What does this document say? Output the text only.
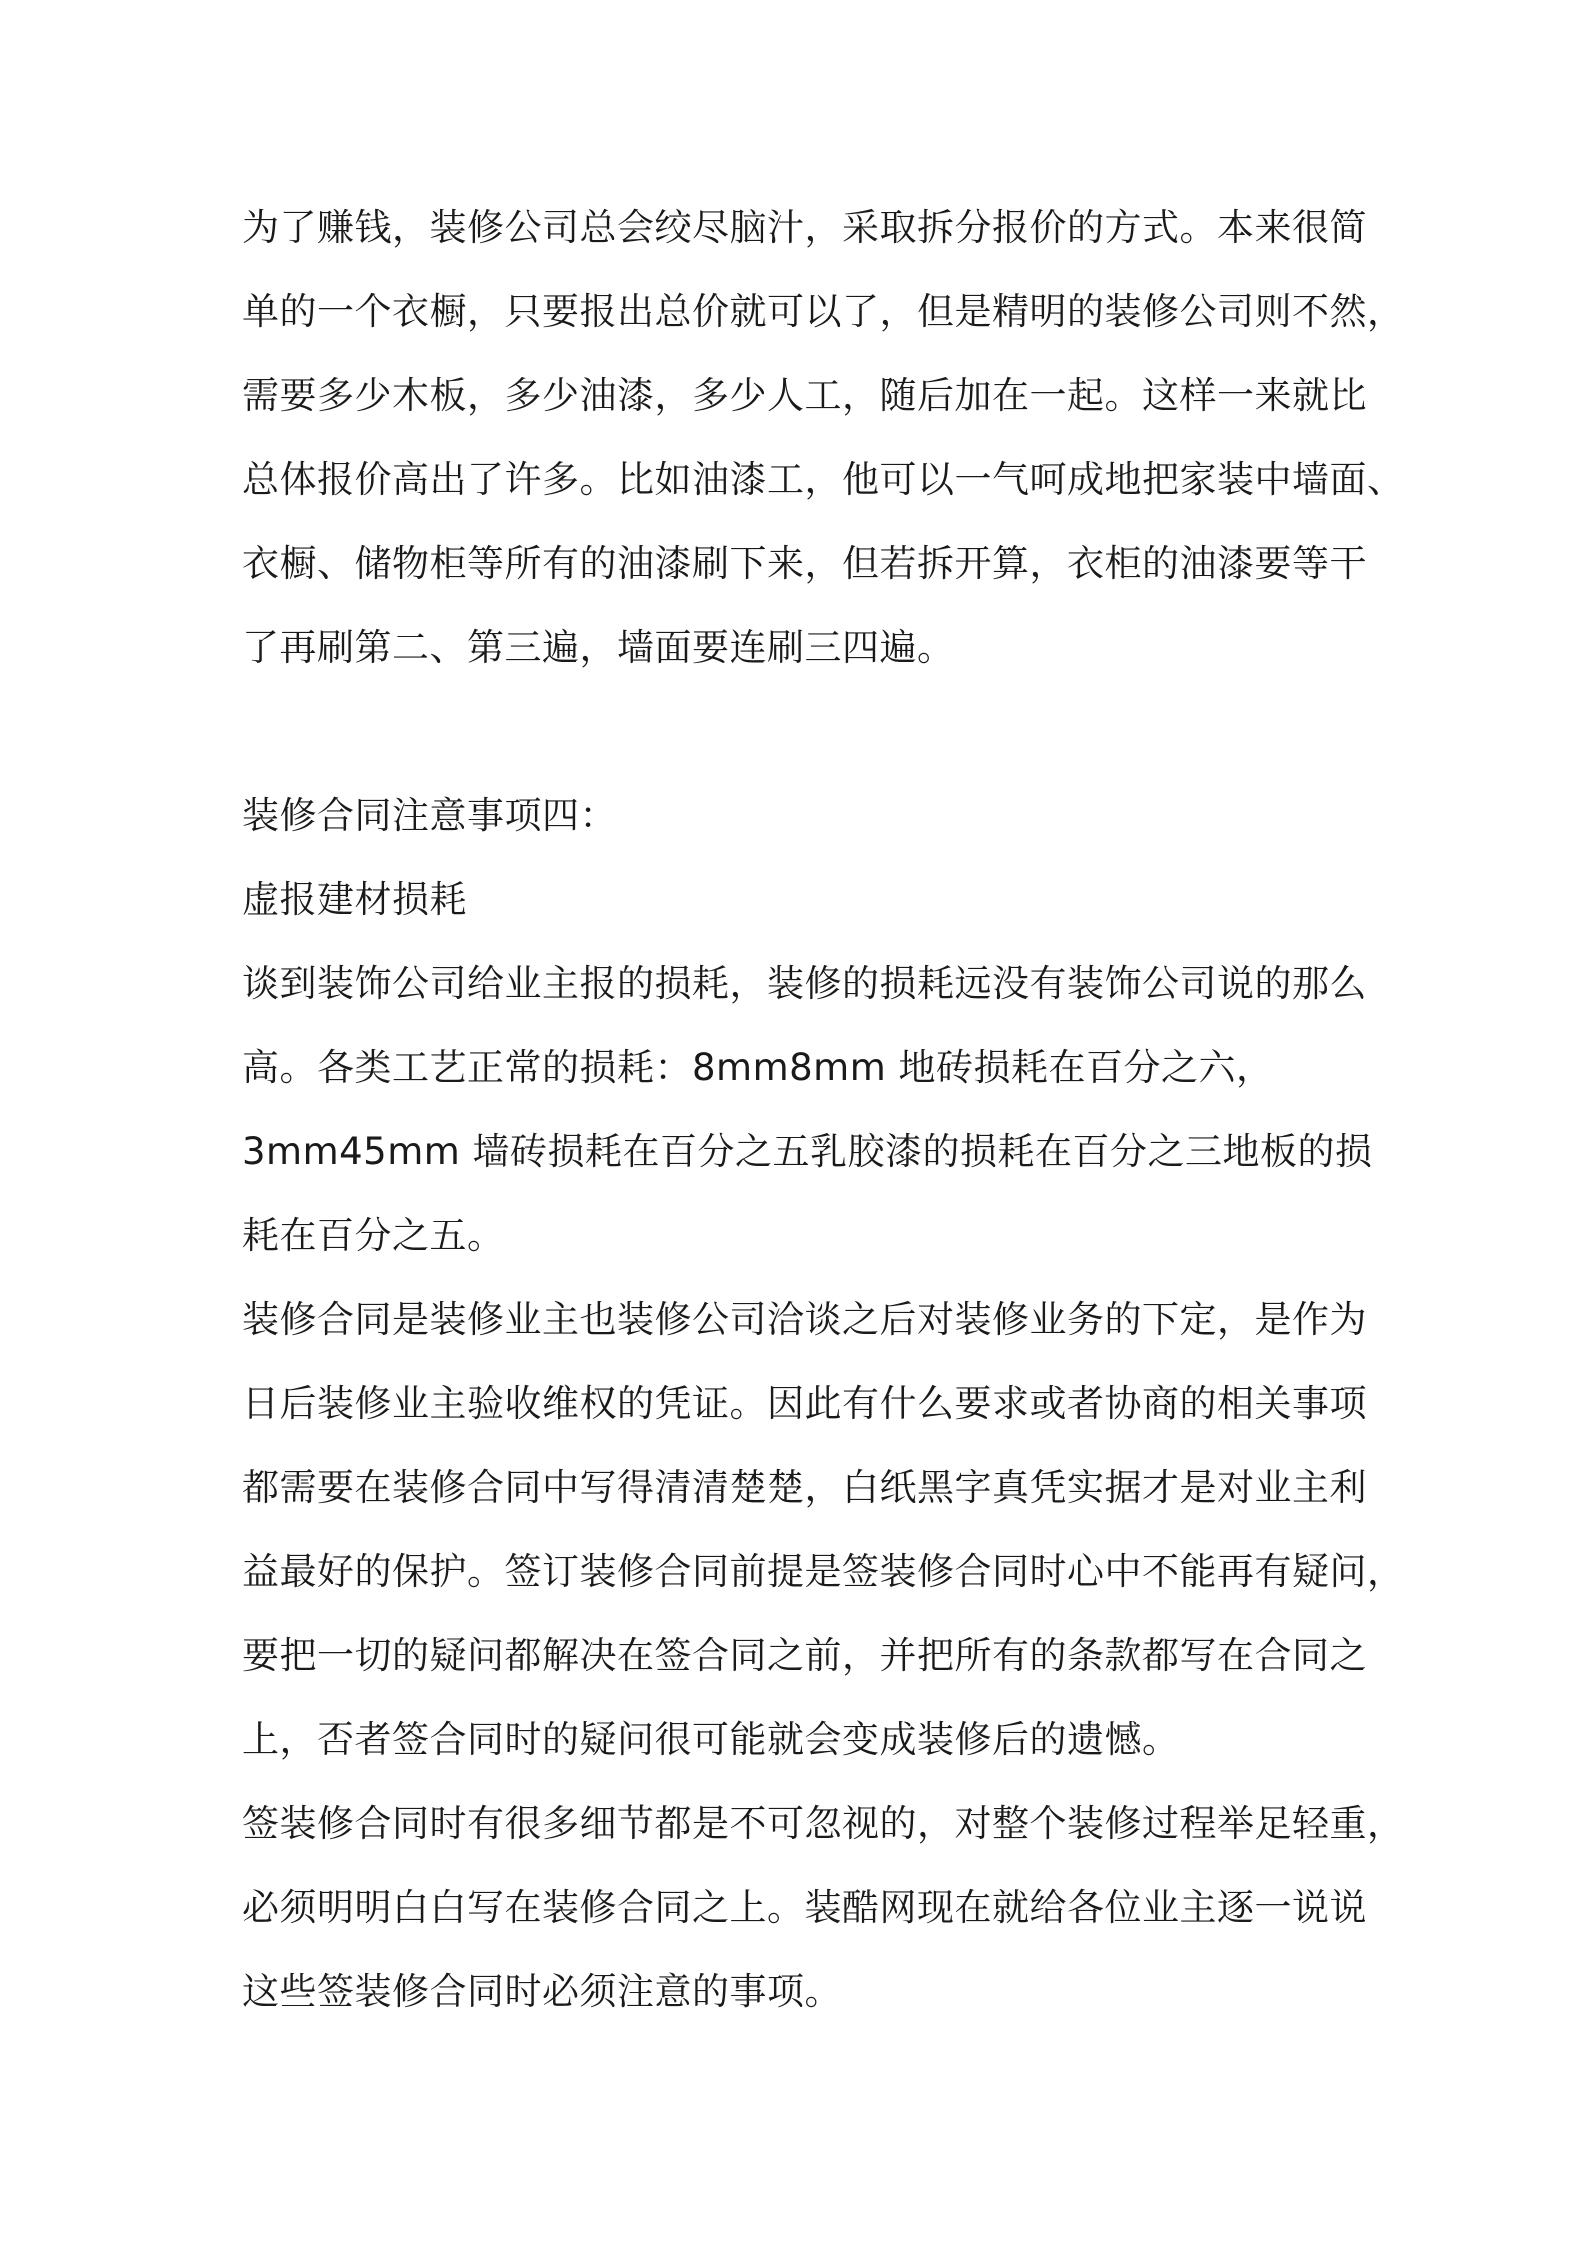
为了赚钱，装修公司总会绞尽脑汁，采取拆分报价的方式。本来很简
单的一个衣橱，只要报出总价就可以了，但是精明的装修公司则不然，
需要多少木板，多少油漆，多少人工，随后加在一起。这样一来就比
总体报价高出了许多。比如油漆工，他可以一气呵成地把家装中墙面、
衣橱、储物柜等所有的油漆刷下来，但若拆开算，衣柜的油漆要等干
了再刷第二、第三遍，墙面要连刷三四遍。
装修合同注意事项四：
虚报建材损耗
谈到装饰公司给业主报的损耗，装修的损耗远没有装饰公司说的那么
高。各类工艺正常的损耗：8mm8mm 地砖损耗在百分之六，
3mm45mm 墙砖损耗在百分之五乳胶漆的损耗在百分之三地板的损
耗在百分之五。
装修合同是装修业主也装修公司洽谈之后对装修业务的下定，是作为
日后装修业主验收维权的凭证。因此有什么要求或者协商的相关事项
都需要在装修合同中写得清清楚楚，白纸黑字真凭实据才是对业主利
益最好的保护。签订装修合同前提是签装修合同时心中不能再有疑问，
要把一切的疑问都解决在签合同之前，并把所有的条款都写在合同之
上，否者签合同时的疑问很可能就会变成装修后的遗憾。
签装修合同时有很多细节都是不可忽视的，对整个装修过程举足轻重，
必须明明白白写在装修合同之上。装酷网现在就给各位业主逐一说说
这些签装修合同时必须注意的事项。
